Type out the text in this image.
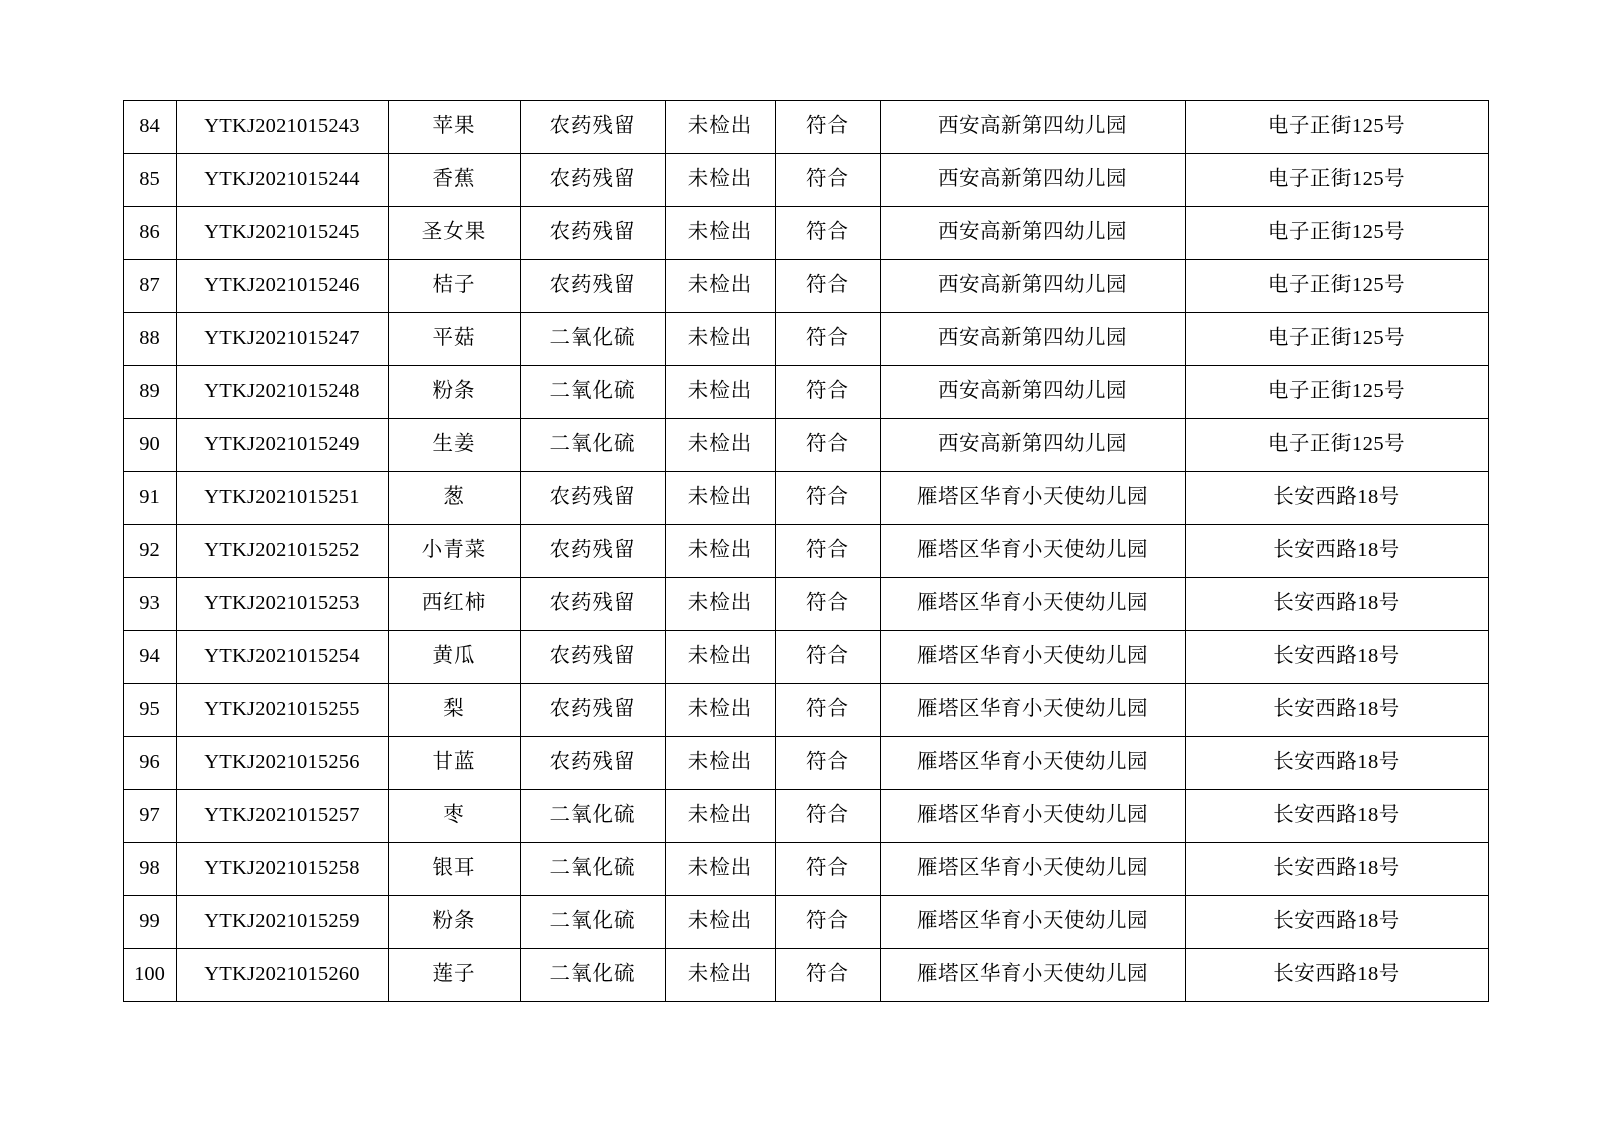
84	YTKJ2021015243	苹果	农药残留	未检出	符合	西安高新第四幼儿园	电子正街125号
85	YTKJ2021015244	香蕉	农药残留	未检出	符合	西安高新第四幼儿园	电子正街125号
86	YTKJ2021015245	圣女果	农药残留	未检出	符合	西安高新第四幼儿园	电子正街125号
87	YTKJ2021015246	桔子	农药残留	未检出	符合	西安高新第四幼儿园	电子正街125号
88	YTKJ2021015247	平菇	二氧化硫	未检出	符合	西安高新第四幼儿园	电子正街125号
89	YTKJ2021015248	粉条	二氧化硫	未检出	符合	西安高新第四幼儿园	电子正街125号
90	YTKJ2021015249	生姜	二氧化硫	未检出	符合	西安高新第四幼儿园	电子正街125号
91	YTKJ2021015251	葱	农药残留	未检出	符合	雁塔区华育小天使幼儿园	长安西路18号
92	YTKJ2021015252	小青菜	农药残留	未检出	符合	雁塔区华育小天使幼儿园	长安西路18号
93	YTKJ2021015253	西红柿	农药残留	未检出	符合	雁塔区华育小天使幼儿园	长安西路18号
94	YTKJ2021015254	黄瓜	农药残留	未检出	符合	雁塔区华育小天使幼儿园	长安西路18号
95	YTKJ2021015255	梨	农药残留	未检出	符合	雁塔区华育小天使幼儿园	长安西路18号
96	YTKJ2021015256	甘蓝	农药残留	未检出	符合	雁塔区华育小天使幼儿园	长安西路18号
97	YTKJ2021015257	枣	二氧化硫	未检出	符合	雁塔区华育小天使幼儿园	长安西路18号
98	YTKJ2021015258	银耳	二氧化硫	未检出	符合	雁塔区华育小天使幼儿园	长安西路18号
99	YTKJ2021015259	粉条	二氧化硫	未检出	符合	雁塔区华育小天使幼儿园	长安西路18号
100	YTKJ2021015260	莲子	二氧化硫	未检出	符合	雁塔区华育小天使幼儿园	长安西路18号
